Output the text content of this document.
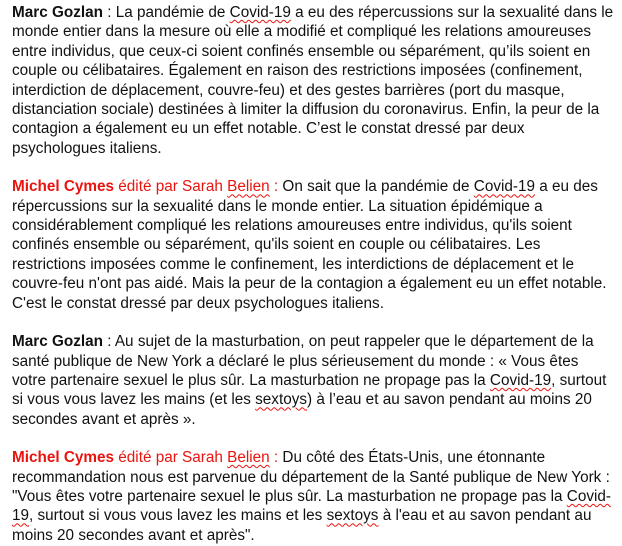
Marc Gozlan : La pandémie de Covid-19 a eu des répercussions sur la sexualité dans le monde entier dans la mesure où elle a modifié et compliqué les relations amoureuses entre individus, que ceux-ci soient confinés ensemble ou séparément, qu’ils soient en couple ou célibataires. Également en raison des restrictions imposées (confinement, interdiction de déplacement, couvre-feu) et des gestes barrières (port du masque, distanciation sociale) destinées à limiter la diffusion du coronavirus. Enfin, la peur de la contagion a également eu un effet notable. C’est le constat dressé par deux psychologues italiens.

Michel Cymes édité par Sarah Belien : On sait que la pandémie de Covid-19 a eu des répercussions sur la sexualité dans le monde entier. La situation épidémique a considérablement compliqué les relations amoureuses entre individus, qu'ils soient confinés ensemble ou séparément, qu'ils soient en couple ou célibataires. Les restrictions imposées comme le confinement, les interdictions de déplacement et le couvre-feu n'ont pas aidé. Mais la peur de la contagion a également eu un effet notable. C'est le constat dressé par deux psychologues italiens.

Marc Gozlan : Au sujet de la masturbation, on peut rappeler que le département de la santé publique de New York a déclaré le plus sérieusement du monde : « Vous êtes votre partenaire sexuel le plus sûr. La masturbation ne propage pas la Covid-19, surtout si vous vous lavez les mains (et les sextoys) à l’eau et au savon pendant au moins 20 secondes avant et après ».

Michel Cymes édité par Sarah Belien : Du côté des États-Unis, une étonnante recommandation nous est parvenue du département de la Santé publique de New York : "Vous êtes votre partenaire sexuel le plus sûr. La masturbation ne propage pas la Covid-19, surtout si vous vous lavez les mains et les sextoys à l'eau et au savon pendant au moins 20 secondes avant et après".
